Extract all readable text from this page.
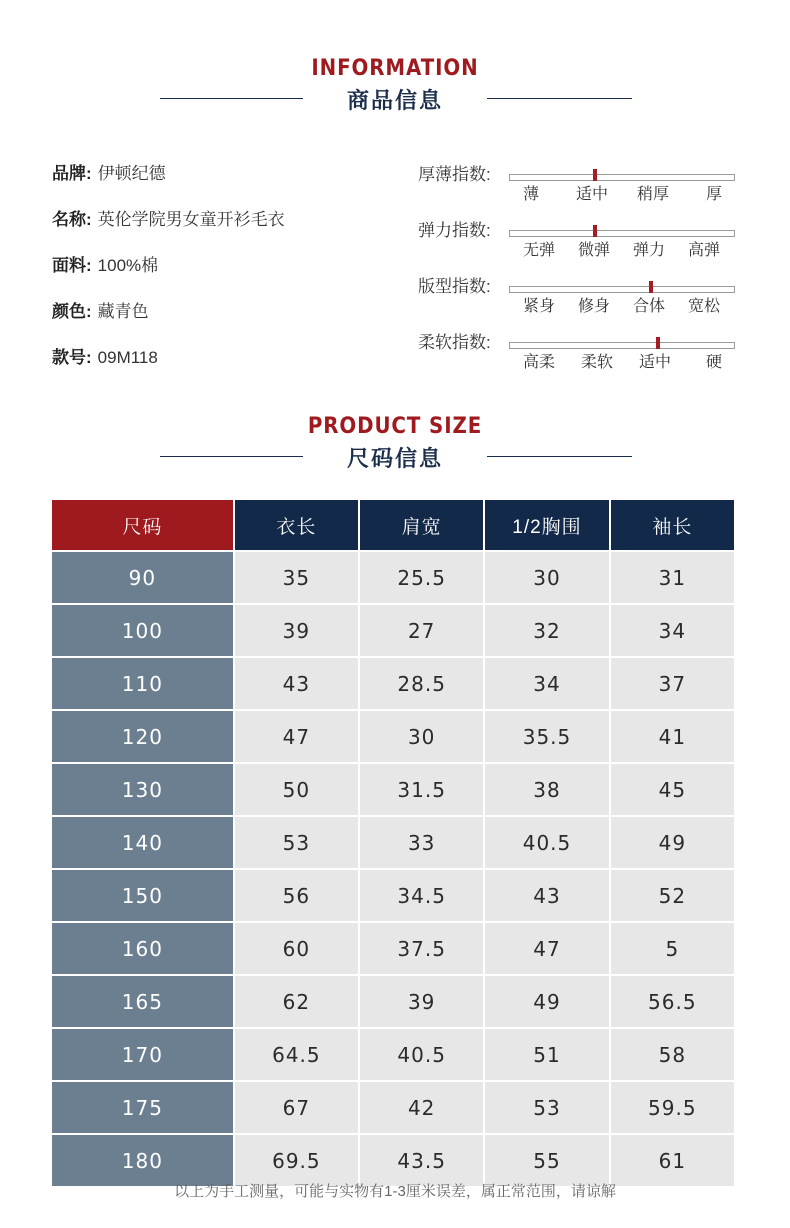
INFORMATION
商品信息
品牌: 伊顿纪德
名称: 英伦学院男女童开衫毛衣
面料: 100%棉
颜色: 藏青色
款号: 09M118
厚薄指数:
薄 适中 稍厚 厚
弹力指数:
无弹 微弹 弹力 高弹
版型指数:
紧身 修身 合体 宽松
柔软指数:
高柔 柔软 适中 硬
PRODUCT SIZE
尺码信息
尺码	衣长	肩宽	1/2胸围	袖长
90	35	25.5	30	31
100	39	27	32	34
110	43	28.5	34	37
120	47	30	35.5	41
130	50	31.5	38	45
140	53	33	40.5	49
150	56	34.5	43	52
160	60	37.5	47	5
165	62	39	49	56.5
170	64.5	40.5	51	58
175	67	42	53	59.5
180	69.5	43.5	55	61
以上为手工测量，可能与实物有1-3厘米误差，属正常范围，请谅解
